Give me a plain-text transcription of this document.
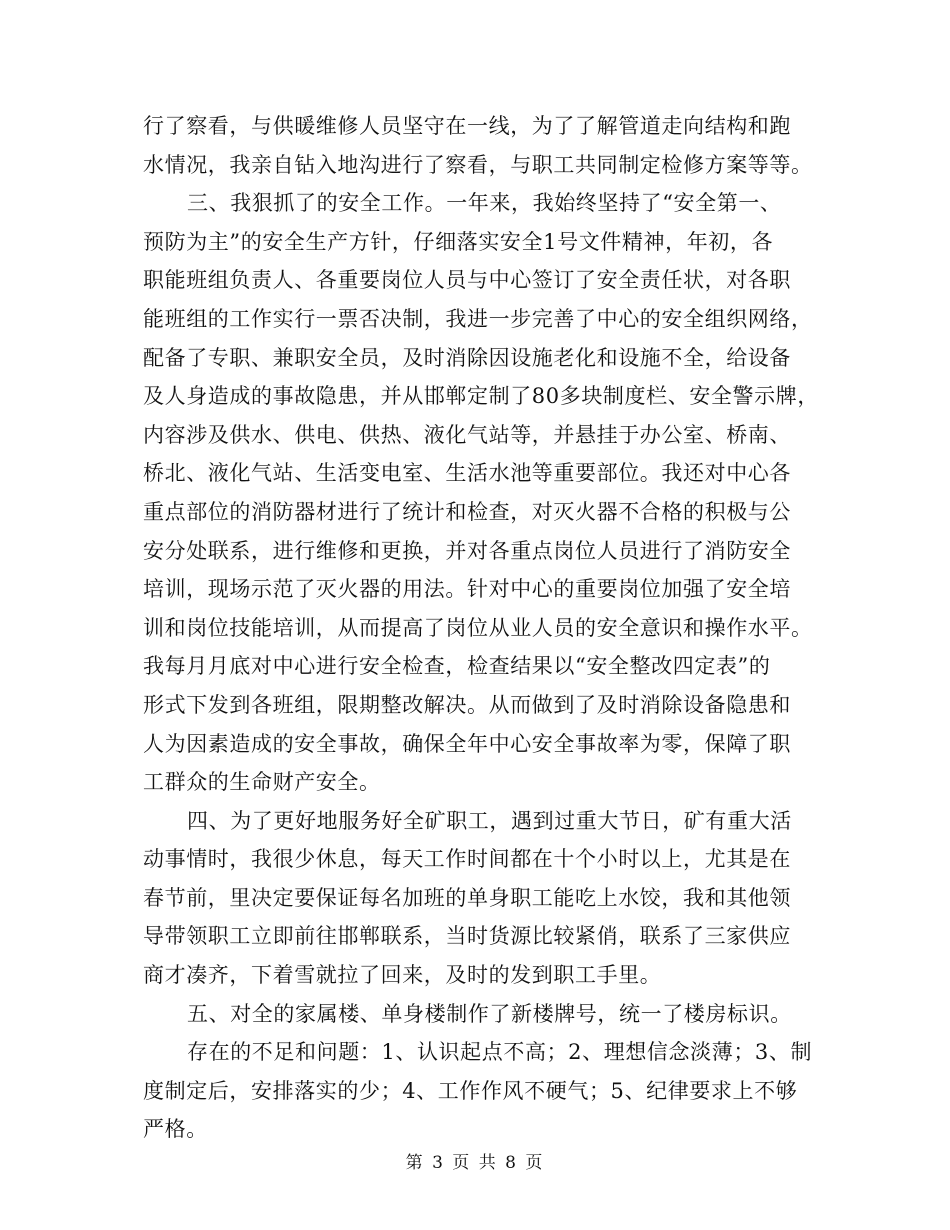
行了察看，与供暖维修人员坚守在一线，为了了解管道走向结构和跑
水情况，我亲自钻入地沟进行了察看，与职工共同制定检修方案等等。
三、我狠抓了的安全工作。一年来，我始终坚持了“安全第一、
预防为主”的安全生产方针，仔细落实安全1号文件精神，年初，各
职能班组负责人、各重要岗位人员与中心签订了安全责任状，对各职
能班组的工作实行一票否决制，我进一步完善了中心的安全组织网络，
配备了专职、兼职安全员，及时消除因设施老化和设施不全，给设备
及人身造成的事故隐患，并从邯郸定制了80多块制度栏、安全警示牌，
内容涉及供水、供电、供热、液化气站等，并悬挂于办公室、桥南、
桥北、液化气站、生活变电室、生活水池等重要部位。我还对中心各
重点部位的消防器材进行了统计和检查，对灭火器不合格的积极与公
安分处联系，进行维修和更换，并对各重点岗位人员进行了消防安全
培训，现场示范了灭火器的用法。针对中心的重要岗位加强了安全培
训和岗位技能培训，从而提高了岗位从业人员的安全意识和操作水平。
我每月月底对中心进行安全检查，检查结果以“安全整改四定表”的
形式下发到各班组，限期整改解决。从而做到了及时消除设备隐患和
人为因素造成的安全事故，确保全年中心安全事故率为零，保障了职
工群众的生命财产安全。
四、为了更好地服务好全矿职工，遇到过重大节日，矿有重大活
动事情时，我很少休息，每天工作时间都在十个小时以上，尤其是在
春节前，里决定要保证每名加班的单身职工能吃上水饺，我和其他领
导带领职工立即前往邯郸联系，当时货源比较紧俏，联系了三家供应
商才凑齐，下着雪就拉了回来，及时的发到职工手里。
五、对全的家属楼、单身楼制作了新楼牌号，统一了楼房标识。
存在的不足和问题：1、认识起点不高；2、理想信念淡薄；3、制
度制定后，安排落实的少；4、工作作风不硬气；5、纪律要求上不够
严格。
第 3 页 共 8 页
